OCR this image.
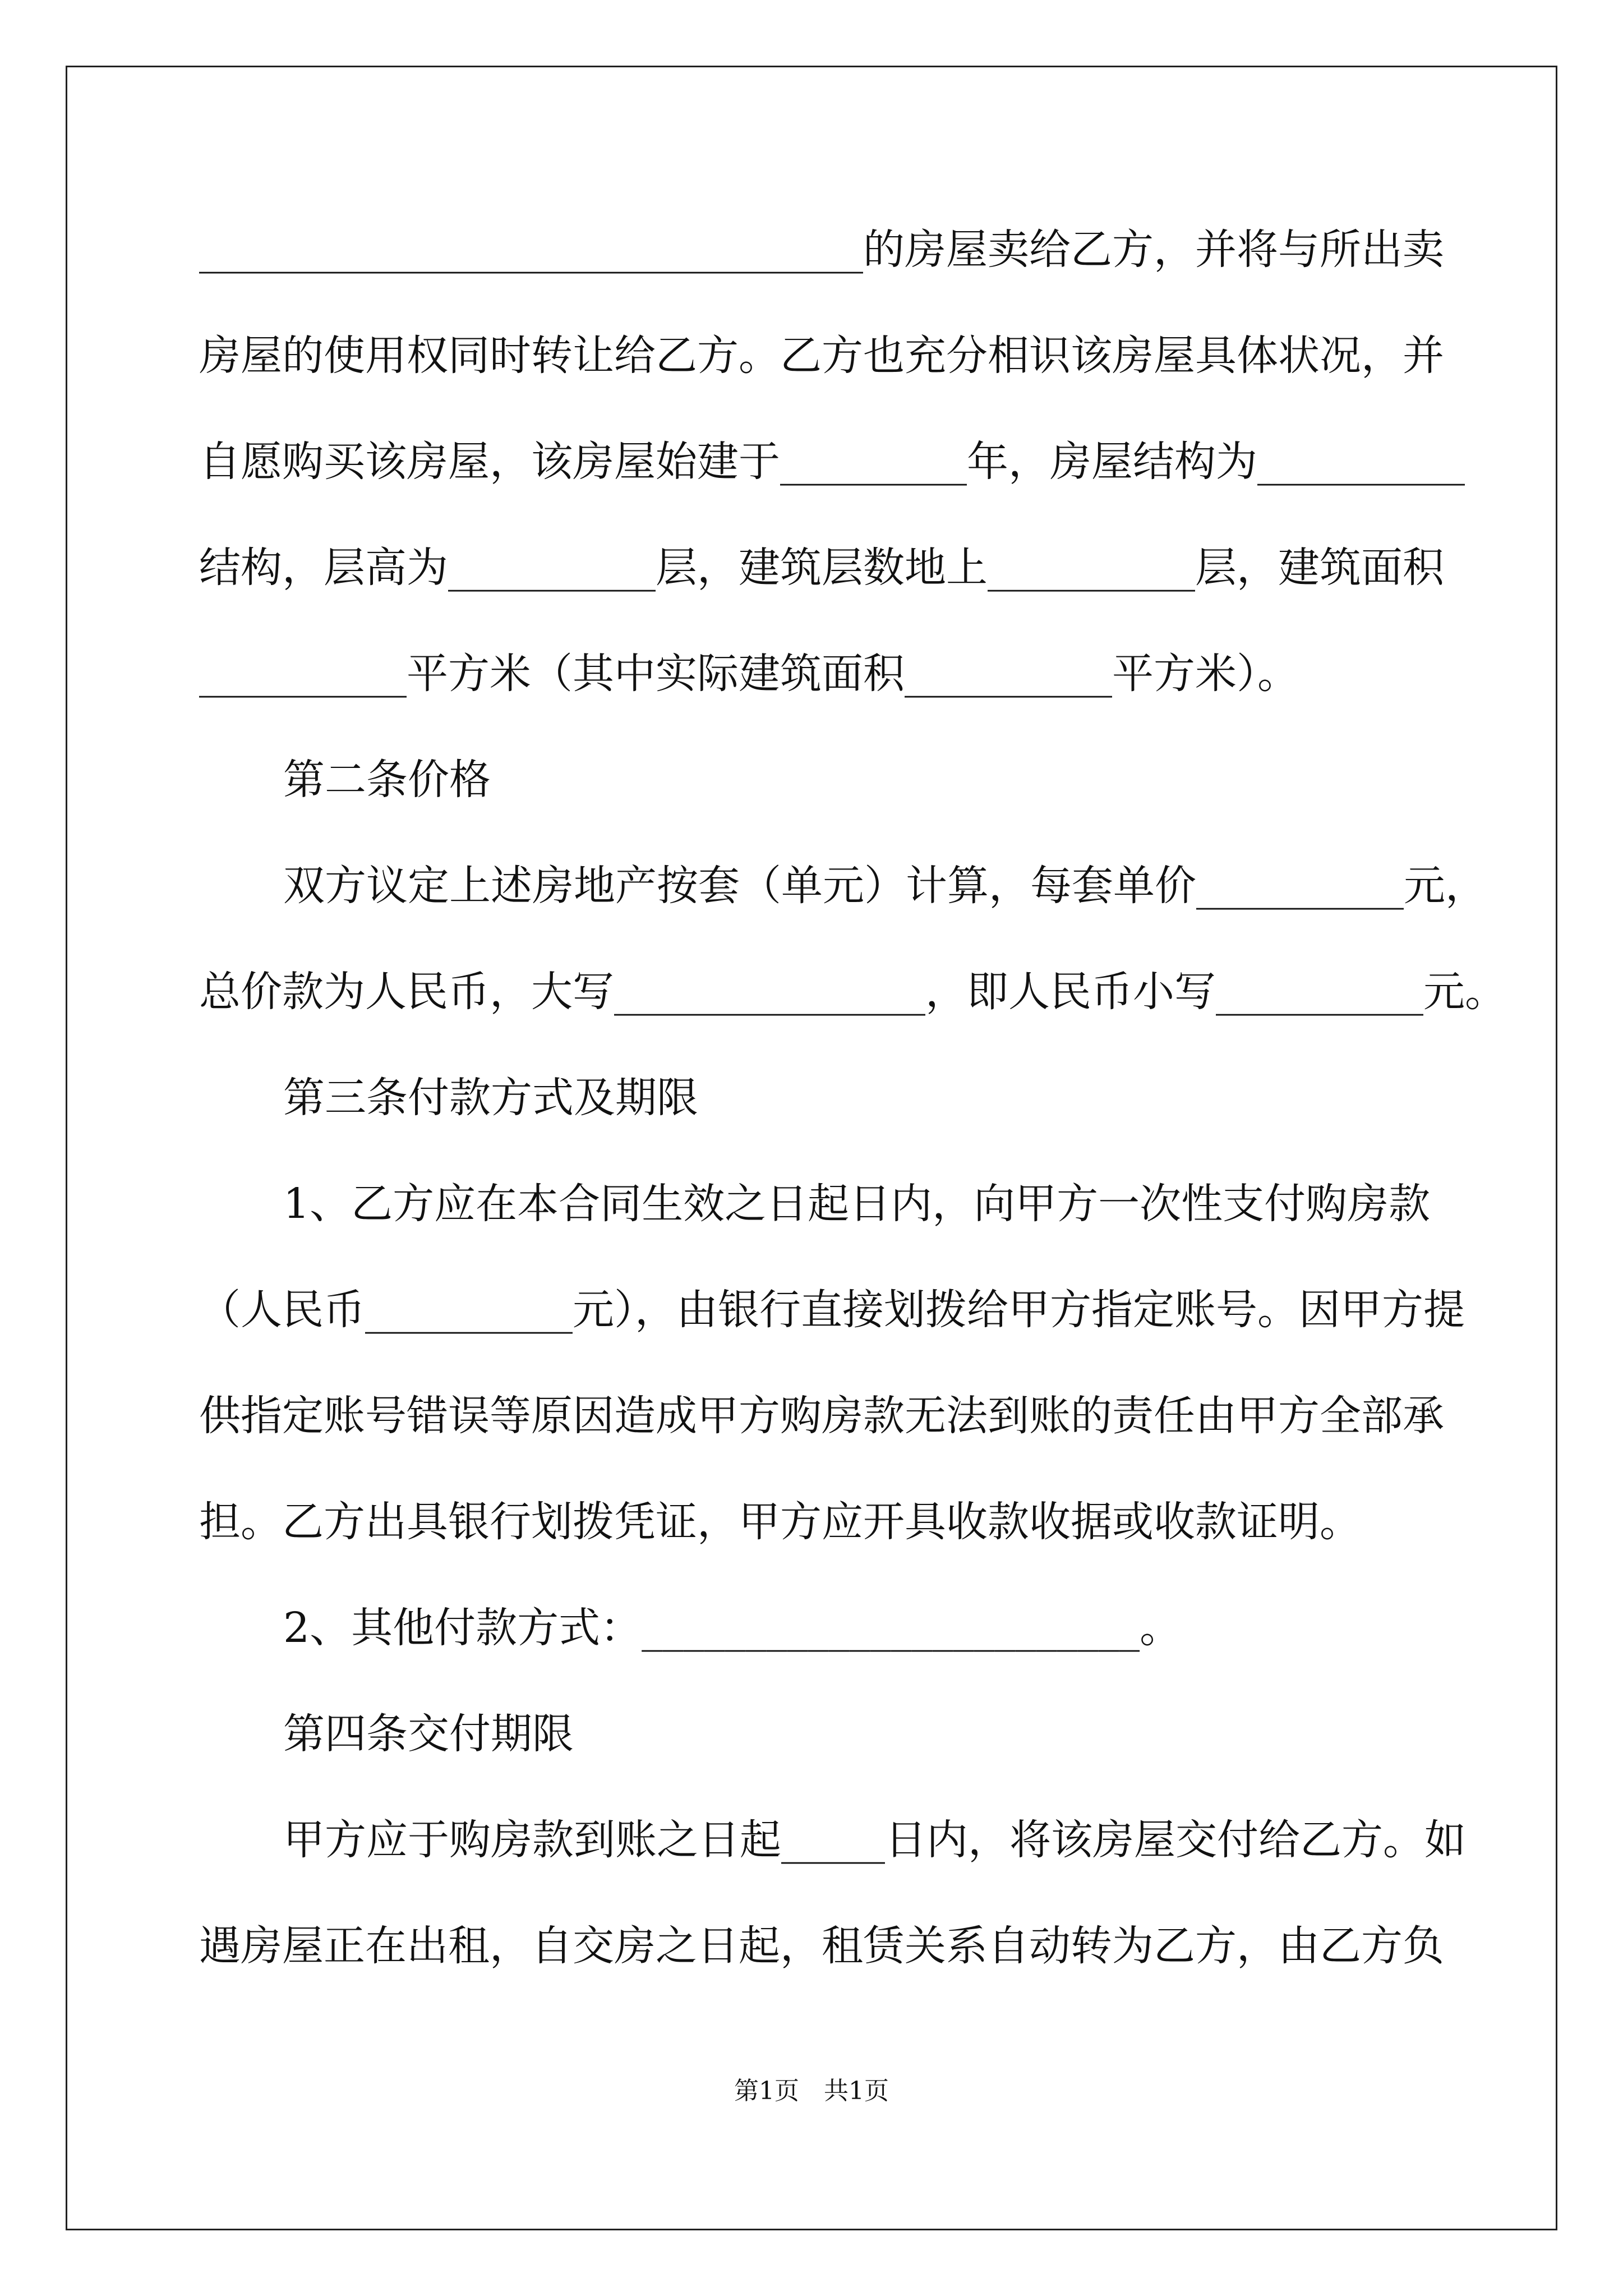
________________________________的房屋卖给乙方，并将与所出卖
房屋的使用权同时转让给乙方。乙方也充分相识该房屋具体状况，并
自愿购买该房屋，该房屋始建于_________年，房屋结构为__________
结构，层高为__________层，建筑层数地上__________层，建筑面积
__________平方米（其中实际建筑面积__________平方米）。
第二条价格
双方议定上述房地产按套（单元）计算，每套单价__________元，
总价款为人民币，大写_______________，即人民币小写__________元。
第三条付款方式及期限
1、乙方应在本合同生效之日起日内，向甲方一次性支付购房款
（人民币__________元），由银行直接划拨给甲方指定账号。因甲方提
供指定账号错误等原因造成甲方购房款无法到账的责任由甲方全部承
担。乙方出具银行划拨凭证，甲方应开具收款收据或收款证明。
2、其他付款方式：________________________。
第四条交付期限
甲方应于购房款到账之日起_____日内，将该房屋交付给乙方。如
遇房屋正在出租，自交房之日起，租赁关系自动转为乙方，由乙方负
第1页　共1页
